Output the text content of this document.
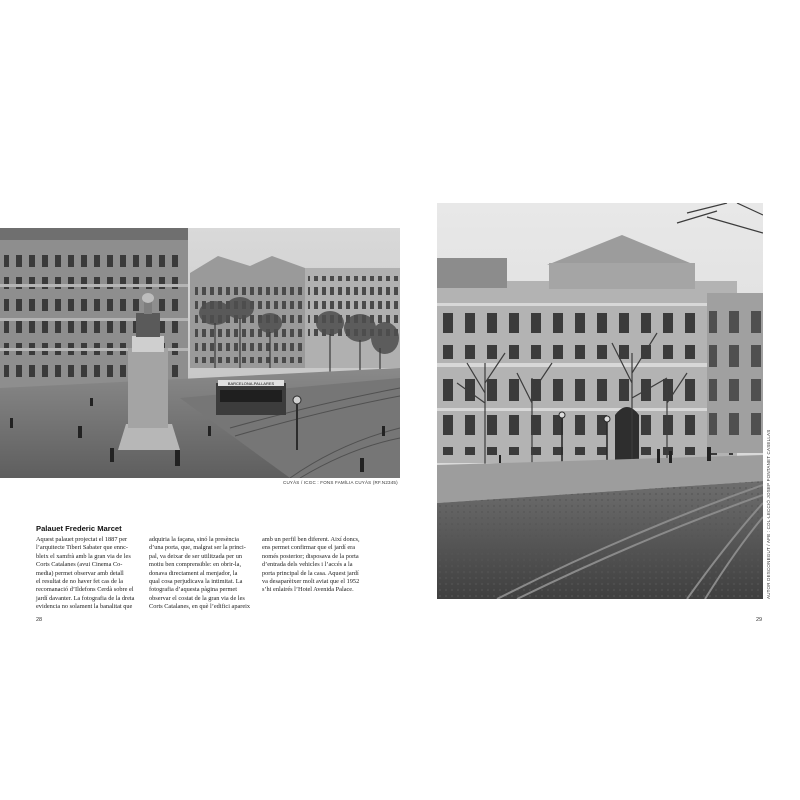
BARCELONA-PALLARES
CUYÀS / ICGC : FONS FAMÍLIA CUYÀS (RF.N2345)	AUTOR DESCONEGUT / AFB : COL·LECCIÓ JOSEP FONTANET CASELLAS
Palauet Frederic Marcet
Aquest palauet projectat el 1887 per
l’arquitecte Tiberi Sabater que ennc-
bleix el xamfrà amb la gran via de les
Corts Catalanes (avui Cinema Co-
media) permet observar amb detall
el resultat de no haver fet cas de la
recomanació d’Ildefons Cerdà sobre el
jardí davanter. La fotografia de la dreta
evidencia no solament la banalitat que
adquiria la façana, sinó la presència
d’una porta, que, malgrat ser la princi-
pal, va deixar de ser utilitzada per un
motiu ben comprensible: en obrir-la,
donava directament al menjador, la
qual cosa perjudicava la intimitat. La
fotografia d’aquesta pàgina permet
observar el costat de la gran via de les
Corts Catalanes, en què l’edifici apareix
amb un perfil ben diferent. Així doncs,
ens permet confirmar que el jardí era
només posterior; disposava de la porta
d’entrada dels vehicles i l’accés a la
porta principal de la casa. Aquest jardí
va desaparèixer molt aviat que el 1952
s’hi enlairés l’Hotel Avenida Palace.
28	29
